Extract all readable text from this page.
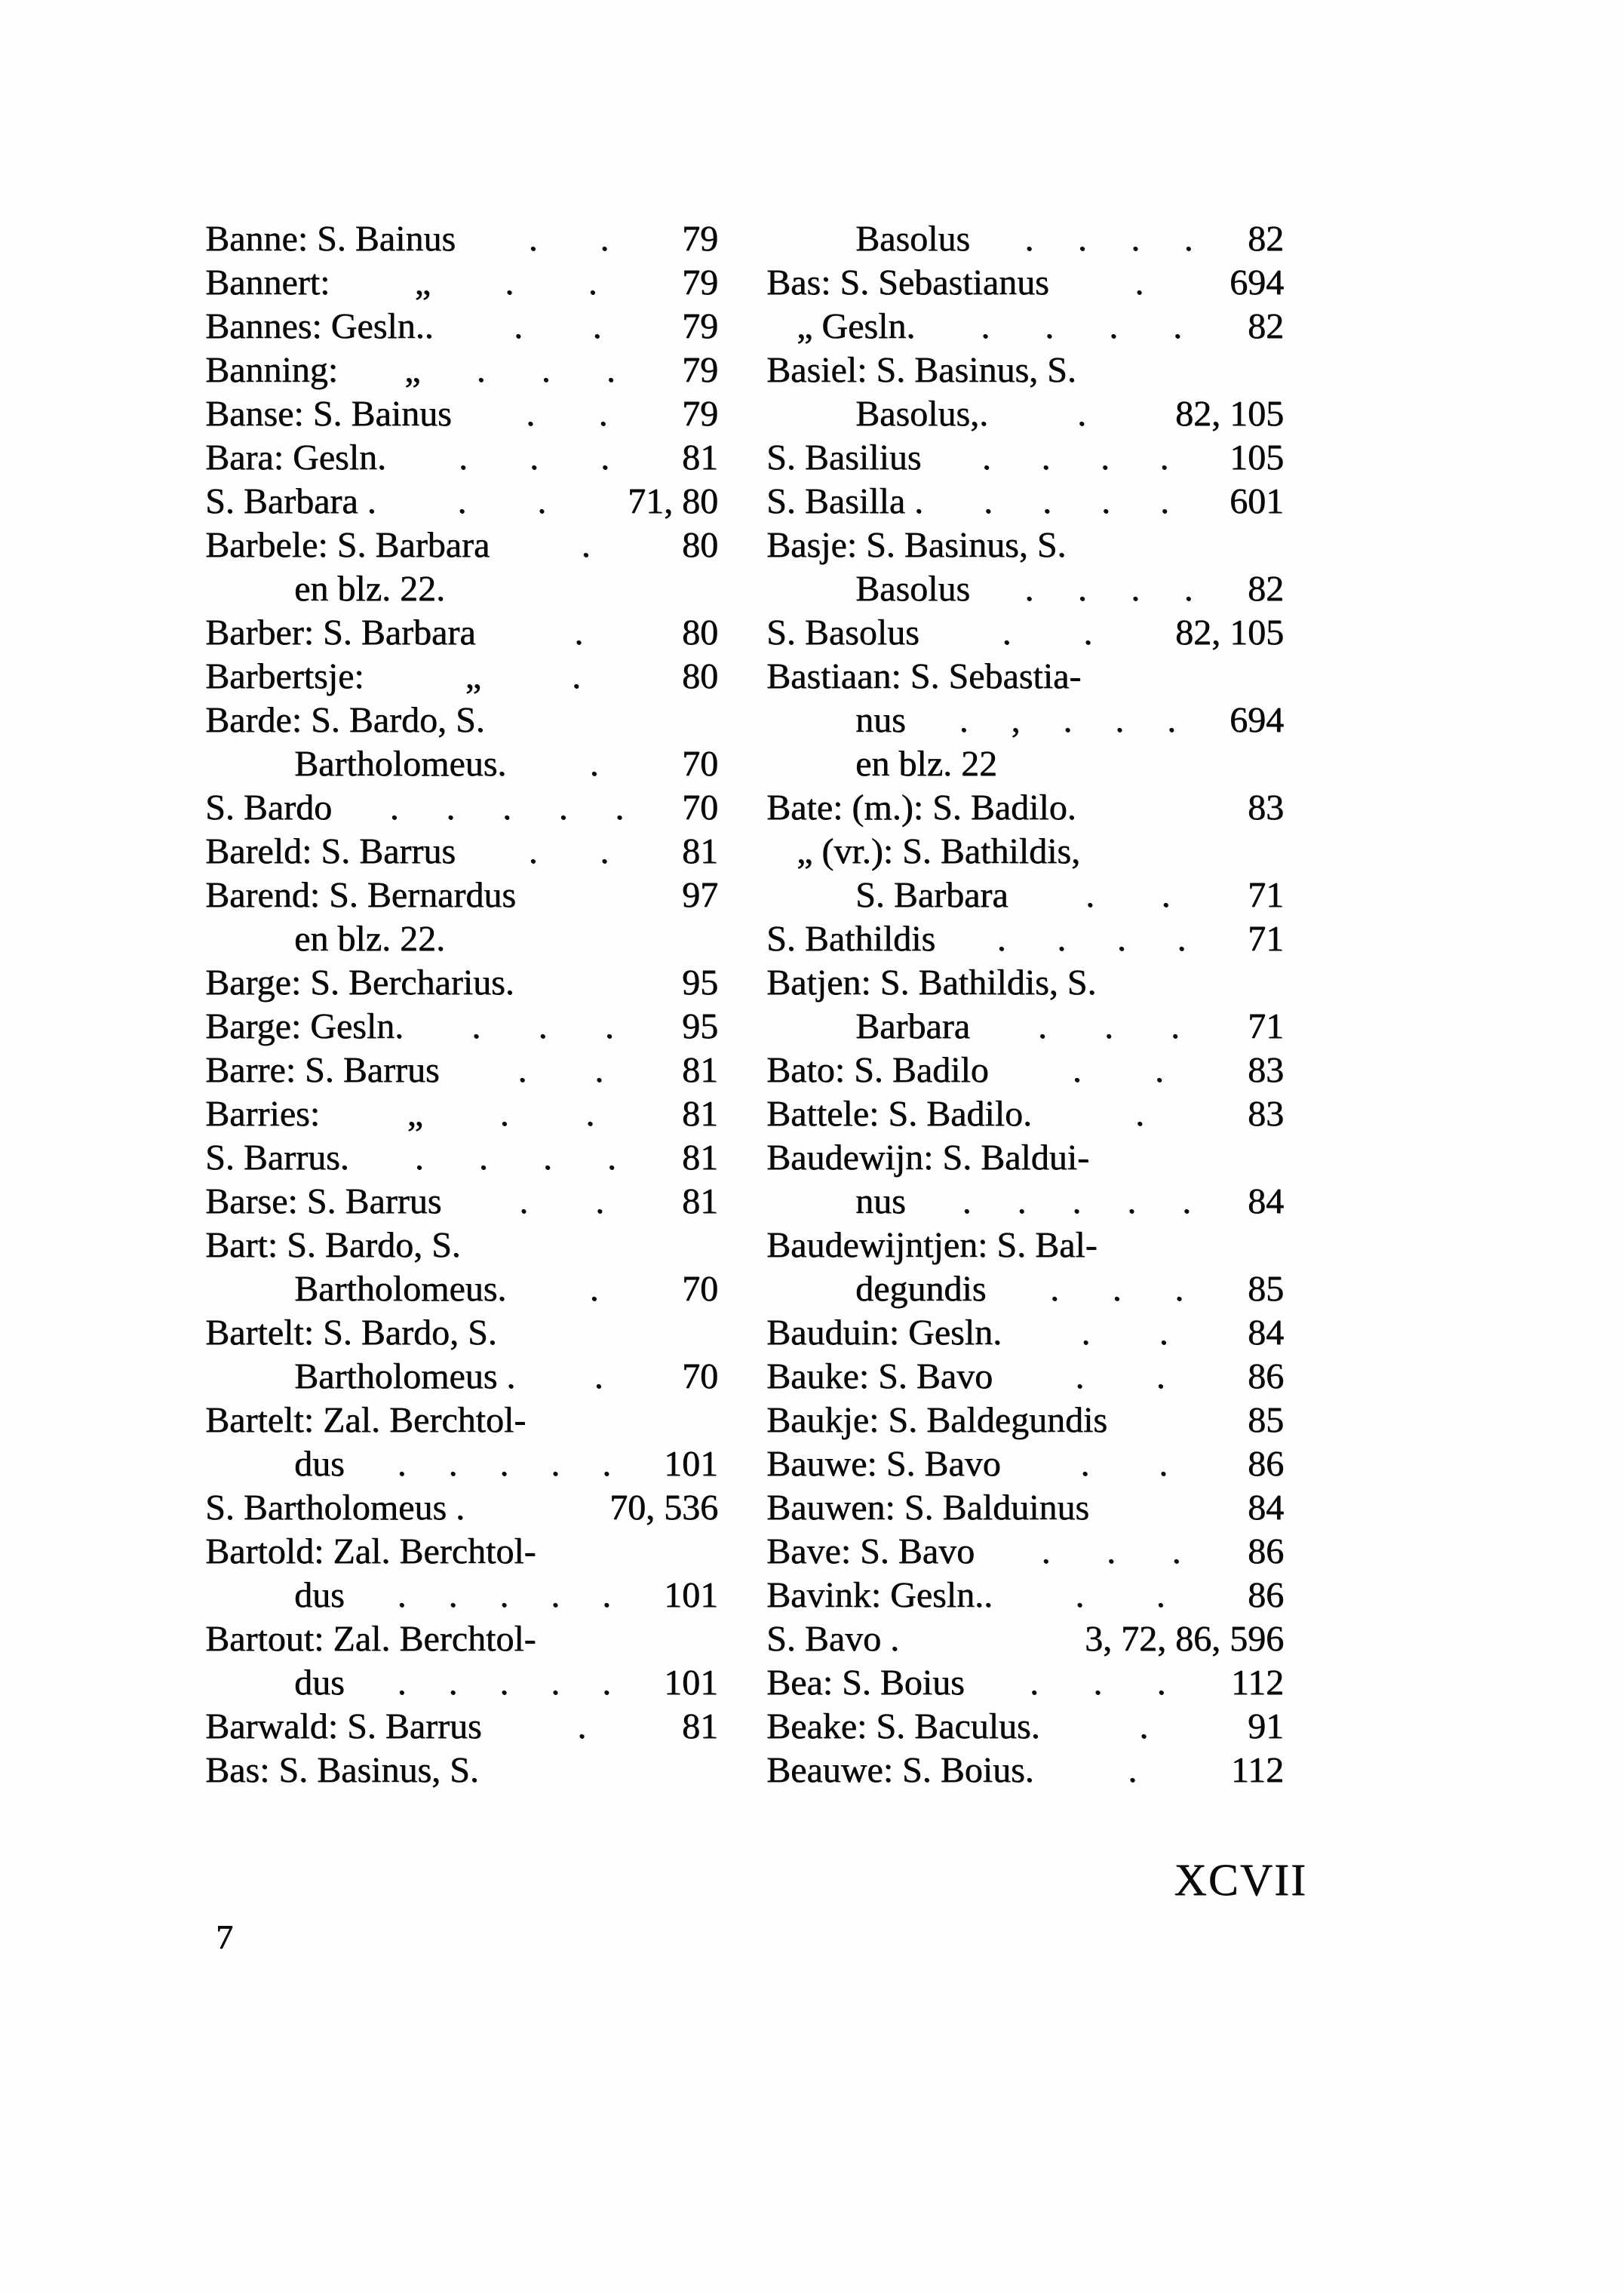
Banne: S. Bainus . . 79
Bannert: „ . . 79
Bannes: Gesln.. . . 79
Banning: „ . . . 79
Banse: S. Bainus . . 79
Bara: Gesln. . . . 81
S. Barbara . . . 71, 80
Barbele: S. Barbara	.	80
en blz. 22.
Barber: S. Barbara	.	80
Barbertsje:	„	.	80
Barde: S. Bardo, S.
Bartholomeus. . 70
S. Bardo . . . . . 70
Bareld: S. Barrus . . 81
Barend: S. Bernardus	97
en blz. 22.
Barge: S. Bercharius.	95
Barge: Gesln. . . . 95
Barre: S. Barrus . . 81
Barries: „ . . 81
S. Barrus. . . . . 81
Barse: S. Barrus . . 81
Bart: S. Bardo, S.
Bartholomeus. . 70
Bartelt: S. Bardo, S.
Bartholomeus . . 70
Bartelt: Zal. Berchtol-
dus . . . . . 101
S. Bartholomeus .	70, 536
Bartold: Zal. Berchtol-
dus . . . . . 101
Bartout: Zal. Berchtol-
dus . . . . . 101
Barwald: S. Barrus	.	81
Bas: S. Basinus, S.
Basolus . . . . 82
Bas: S. Sebastianus . 694
„ Gesln. . . . . 82
Basiel: S. Basinus, S.
Basolus,. . 82, 105
S. Basilius . . . . 105
S. Basilla . . . . . 601
Basje: S. Basinus, S.
Basolus . . . . 82
S. Basolus . . 82, 105
Bastiaan: S. Sebastia-
nus . , . . . 694
en blz. 22
Bate: (m.): S. Badilo.	83
„ (vr.): S. Bathildis,
S. Barbara . . 71
S. Bathildis . . . . 71
Batjen: S. Bathildis, S.
Barbara . . . 71
Bato: S. Badilo . . 83
Battele: S. Badilo.	.	83
Baudewijn: S. Baldui-
nus . . . . . 84
Baudewijntjen: S. Bal-
degundis . . . 85
Bauduin: Gesln. . . 84
Bauke: S. Bavo . . 86
Baukje: S. Baldegundis	85
Bauwe: S. Bavo . . 86
Bauwen: S. Balduinus	84
Bave: S. Bavo . . . 86
Bavink: Gesln.. . . 86
S. Bavo .	3, 72, 86, 596
Bea: S. Boius . . . 112
Beake: S. Baculus.	.	91
Beauwe: S. Boius.	.	112
XCVII
7
